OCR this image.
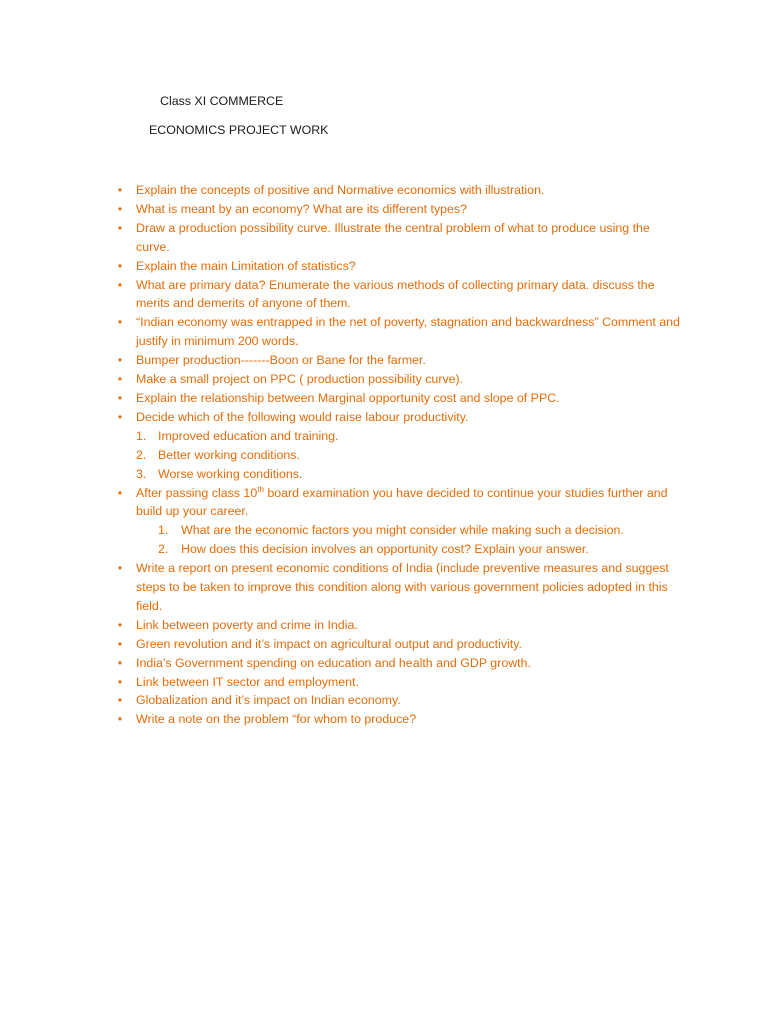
Class XI COMMERCE
ECONOMICS PROJECT WORK
• Explain the concepts of positive and Normative economics with illustration.
• What is meant by an economy? What are its different types?
• Draw a production possibility curve. Illustrate the central problem of what to produce using the curve.
• Explain the main Limitation of statistics?
• What are primary data? Enumerate the various methods of collecting primary data. discuss the merits and demerits of anyone of them.
• “Indian economy was entrapped in the net of poverty, stagnation and backwardness” Comment and justify in minimum 200 words.
• Bumper production-------Boon or Bane for the farmer.
• Make a small project on PPC ( production possibility curve).
• Explain the relationship between Marginal opportunity cost and slope of PPC.
• Decide which of the following would raise labour productivity.
1. Improved education and training.
2. Better working conditions.
3. Worse working conditions.
• After passing class 10th board examination you have decided to continue your studies further and build up your career.
1. What are the economic factors you might consider while making such a decision.
2. How does this decision involves an opportunity cost? Explain your answer.
• Write a report on present economic conditions of India (include preventive measures and suggest steps to be taken to improve this condition along with various government policies adopted in this field.
• Link between poverty and crime in India.
• Green revolution and it’s impact on agricultural output and productivity.
• India’s Government spending on education and health and GDP growth.
• Link between IT sector and employment.
• Globalization and it’s impact on Indian economy.
• Write a note on the problem “for whom to produce?
